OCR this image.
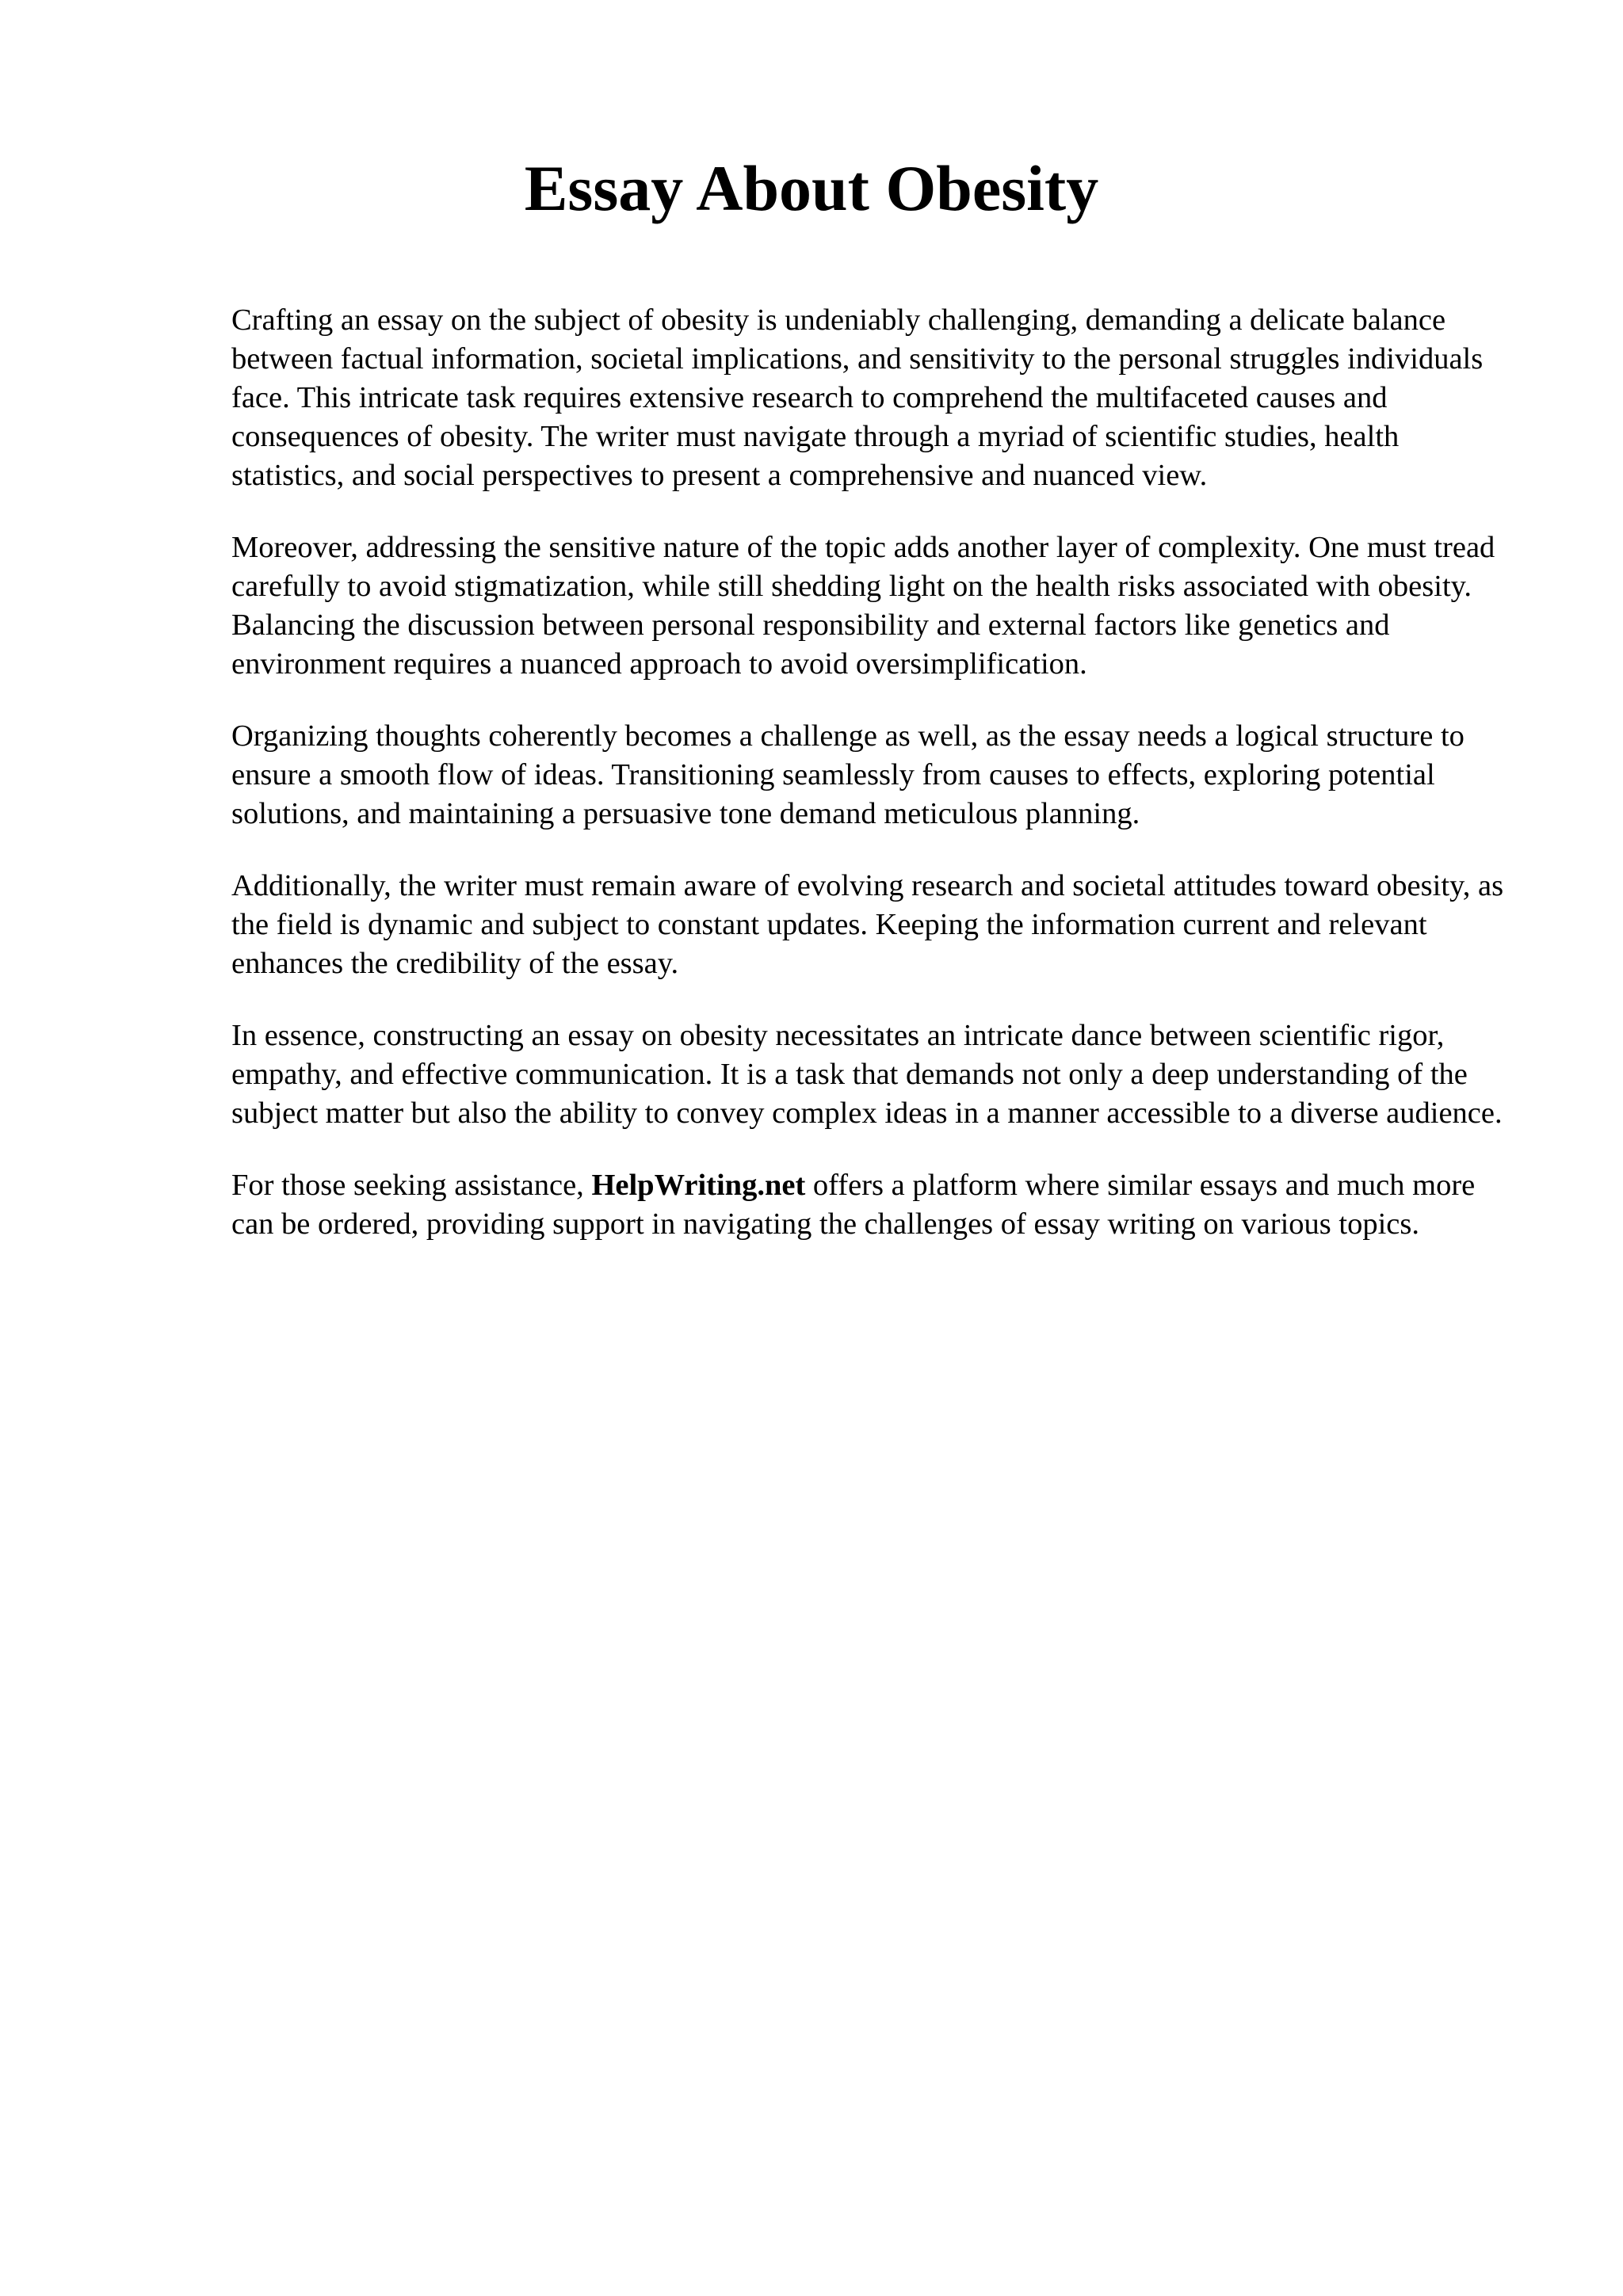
Essay About Obesity

Crafting an essay on the subject of obesity is undeniably challenging, demanding a delicate balance between factual information, societal implications, and sensitivity to the personal struggles individuals face. This intricate task requires extensive research to comprehend the multifaceted causes and consequences of obesity. The writer must navigate through a myriad of scientific studies, health statistics, and social perspectives to present a comprehensive and nuanced view.

Moreover, addressing the sensitive nature of the topic adds another layer of complexity. One must tread carefully to avoid stigmatization, while still shedding light on the health risks associated with obesity. Balancing the discussion between personal responsibility and external factors like genetics and environment requires a nuanced approach to avoid oversimplification.

Organizing thoughts coherently becomes a challenge as well, as the essay needs a logical structure to ensure a smooth flow of ideas. Transitioning seamlessly from causes to effects, exploring potential solutions, and maintaining a persuasive tone demand meticulous planning.

Additionally, the writer must remain aware of evolving research and societal attitudes toward obesity, as the field is dynamic and subject to constant updates. Keeping the information current and relevant enhances the credibility of the essay.

In essence, constructing an essay on obesity necessitates an intricate dance between scientific rigor, empathy, and effective communication. It is a task that demands not only a deep understanding of the subject matter but also the ability to convey complex ideas in a manner accessible to a diverse audience.

For those seeking assistance, HelpWriting.net offers a platform where similar essays and much more can be ordered, providing support in navigating the challenges of essay writing on various topics.
